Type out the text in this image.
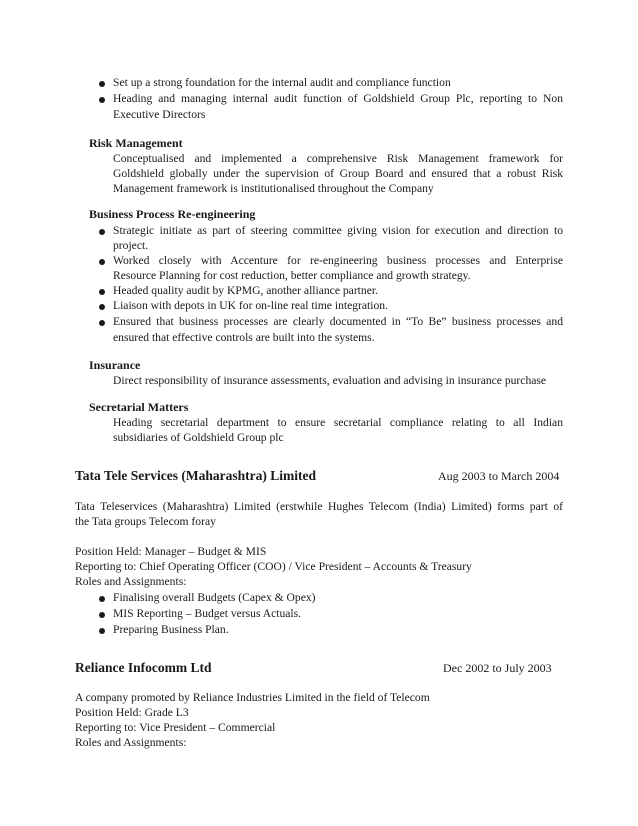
Set up a strong foundation for the internal audit and compliance function
Heading and managing internal audit function of Goldshield Group Plc, reporting to Non
Executive Directors
Risk Management
Conceptualised and implemented a comprehensive Risk Management framework for
Goldshield globally under the supervision of Group Board and ensured that a robust Risk
Management framework is institutionalised throughout the Company
Business Process Re-engineering
Strategic initiate as part of steering committee giving vision for execution and direction to
project.
Worked closely with Accenture for re-engineering business processes and Enterprise
Resource Planning for cost reduction, better compliance and growth strategy.
Headed quality audit by KPMG, another alliance partner.
Liaison with depots in UK for on-line real time integration.
Ensured that business processes are clearly documented in “To Be” business processes and
ensured that effective controls are built into the systems.
Insurance
Direct responsibility of insurance assessments, evaluation and advising in insurance purchase
Secretarial Matters
Heading secretarial department to ensure secretarial compliance relating to all Indian
subsidiaries of Goldshield Group plc
Tata Tele Services (Maharashtra) Limited	Aug 2003 to March 2004
Tata Teleservices (Maharashtra) Limited (erstwhile Hughes Telecom (India) Limited) forms part of
the Tata groups Telecom foray
Position Held: Manager – Budget & MIS
Reporting to: Chief Operating Officer (COO) / Vice President – Accounts & Treasury
Roles and Assignments:
Finalising overall Budgets (Capex & Opex)
MIS Reporting – Budget versus Actuals.
Preparing Business Plan.
Reliance Infocomm Ltd	Dec 2002 to July 2003
A company promoted by Reliance Industries Limited in the field of Telecom
Position Held: Grade L3
Reporting to: Vice President – Commercial
Roles and Assignments:
